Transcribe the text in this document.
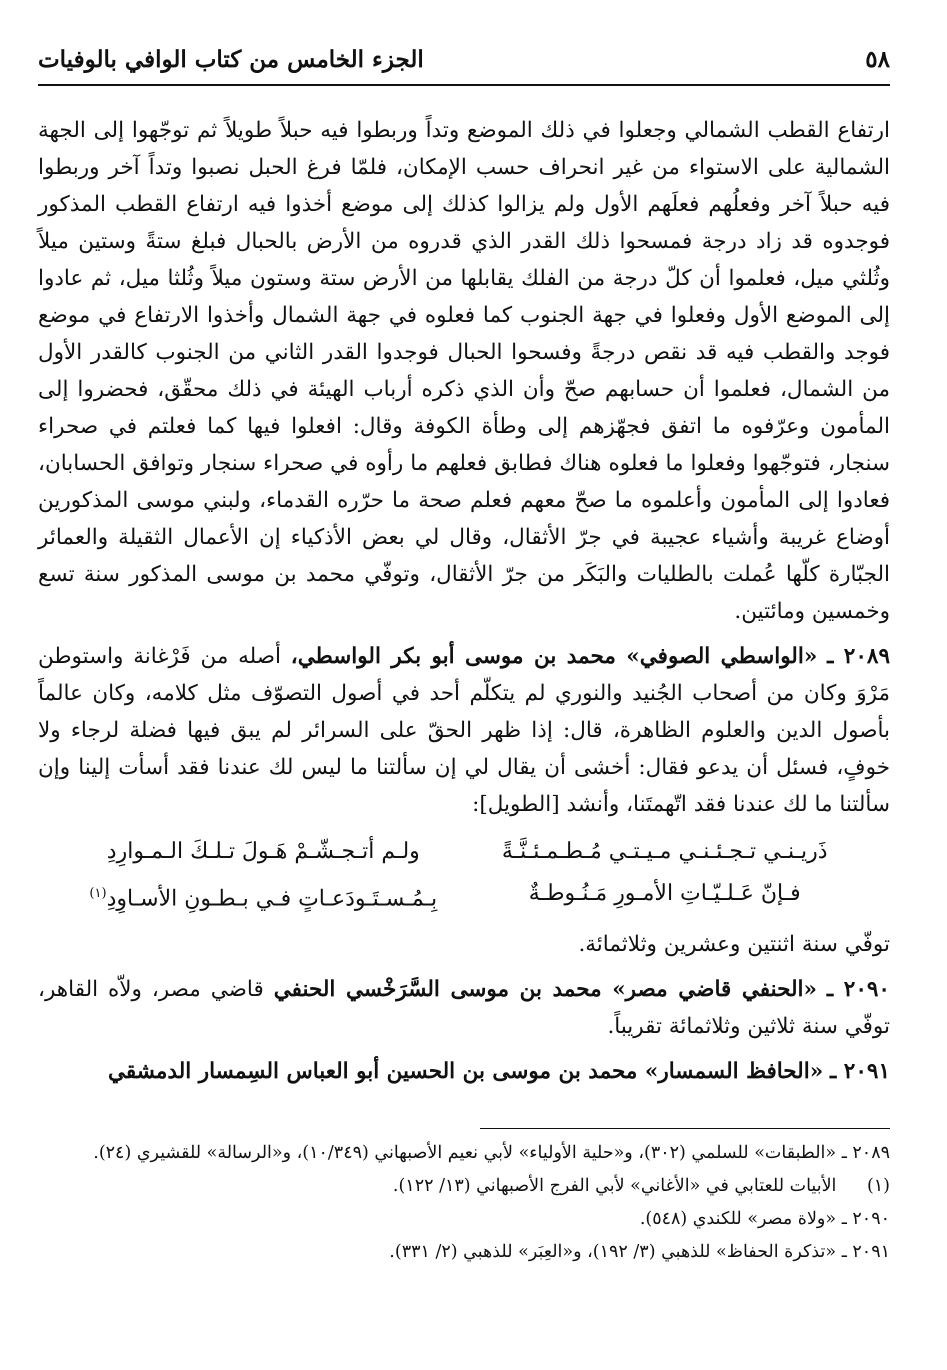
٥٨
الجزء الخامس من كتاب الوافي بالوفيات

ارتفاع القطب الشمالي وجعلوا في ذلك الموضع وتداً وربطوا فيه حبلاً طويلاً ثم توجّهوا إلى الجهة الشمالية على الاستواء من غير انحراف حسب الإمكان، فلمّا فرغ الحبل نصبوا وتداً آخر وربطوا فيه حبلاً آخر وفعلُهم فعلَهم الأول ولم يزالوا كذلك إلى موضع أخذوا فيه ارتفاع القطب المذكور فوجدوه قد زاد درجة فمسحوا ذلك القدر الذي قدروه من الأرض بالحبال فبلغ ستةً وستين ميلاً وثُلثي ميل، فعلموا أن كلّ درجة من الفلك يقابلها من الأرض ستة وستون ميلاً وثُلثا ميل، ثم عادوا إلى الموضع الأول وفعلوا في جهة الجنوب كما فعلوه في جهة الشمال وأخذوا الارتفاع في موضع فوجد والقطب فيه قد نقص درجةً وفسحوا الحبال فوجدوا القدر الثاني من الجنوب كالقدر الأول من الشمال، فعلموا أن حسابهم صحّ وأن الذي ذكره أرباب الهيئة في ذلك محقّق، فحضروا إلى المأمون وعرّفوه ما اتفق فجهّزهم إلى وطأة الكوفة وقال: افعلوا فيها كما فعلتم في صحراء سنجار، فتوجّهوا وفعلوا ما فعلوه هناك فطابق فعلهم ما رأوه في صحراء سنجار وتوافق الحسابان، فعادوا إلى المأمون وأعلموه ما صحّ معهم فعلم صحة ما حرّره القدماء، ولبني موسى المذكورين أوضاع غريبة وأشياء عجيبة في جرّ الأثقال، وقال لي بعض الأذكياء إن الأعمال الثقيلة والعمائر الجبّارة كلّها عُملت بالطليات والبَكَر من جرّ الأثقال، وتوفّي محمد بن موسى المذكور سنة تسع وخمسين ومائتين.

٢٠٨٩ ـ «الواسطي الصوفي» محمد بن موسى أبو بكر الواسطي، أصله من فَرْغانة واستوطن مَرْوَ وكان من أصحاب الجُنيد والنوري لم يتكلّم أحد في أصول التصوّف مثل كلامه، وكان عالماً بأصول الدين والعلوم الظاهرة، قال: إذا ظهر الحقّ على السرائر لم يبق فيها فضلة لرجاء ولا خوفٍ، فسئل أن يدعو فقال: أخشى أن يقال لي إن سألتنا ما ليس لك عندنا فقد أسأت إلينا وإن سألتنا ما لك عندنا فقد اتّهمتَنا، وأنشد [الطويل]:

ذَريـنـي تـجـئـنـي مـيـتـي مُـطـمـئـنَّـةً
ولـم أتـجـشّـمْ هَـولَ تـلـكَ الـمـوارِدِ
فـإنّ عَـلـيّـاتِ الأمـورِ مَـنُـوطـةٌ
بِـمُـسـتَـودَعـاتٍ فـي بـطـونِ الأسـاوِدِ$^{(١)}$

توفّي سنة اثنتين وعشرين وثلاثمائة.

٢٠٩٠ ـ «الحنفي قاضي مصر» محمد بن موسى السَّرَخْسي الحنفي قاضي مصر، ولاّه القاهر، توفّي سنة ثلاثين وثلاثمائة تقريباً.

٢٠٩١ ـ «الحافظ السمسار» محمد بن موسى بن الحسين أبو العباس السِمسار الدمشقي

٢٠٨٩ ـ «الطبقات» للسلمي (٣٠٢)، و«حلية الأولياء» لأبي نعيم الأصبهاني (١٠/٣٤٩)، و«الرسالة» للقشيري (٢٤).

(١) الأبيات للعتابي في «الأغاني» لأبي الفرج الأصبهاني (١٣/ ١٢٢).

٢٠٩٠ ـ «ولاة مصر» للكندي (٥٤٨).

٢٠٩١ ـ «تذكرة الحفاظ» للذهبي (٣/ ١٩٢)، و«العِبَر» للذهبي (٢/ ٣٣١).
